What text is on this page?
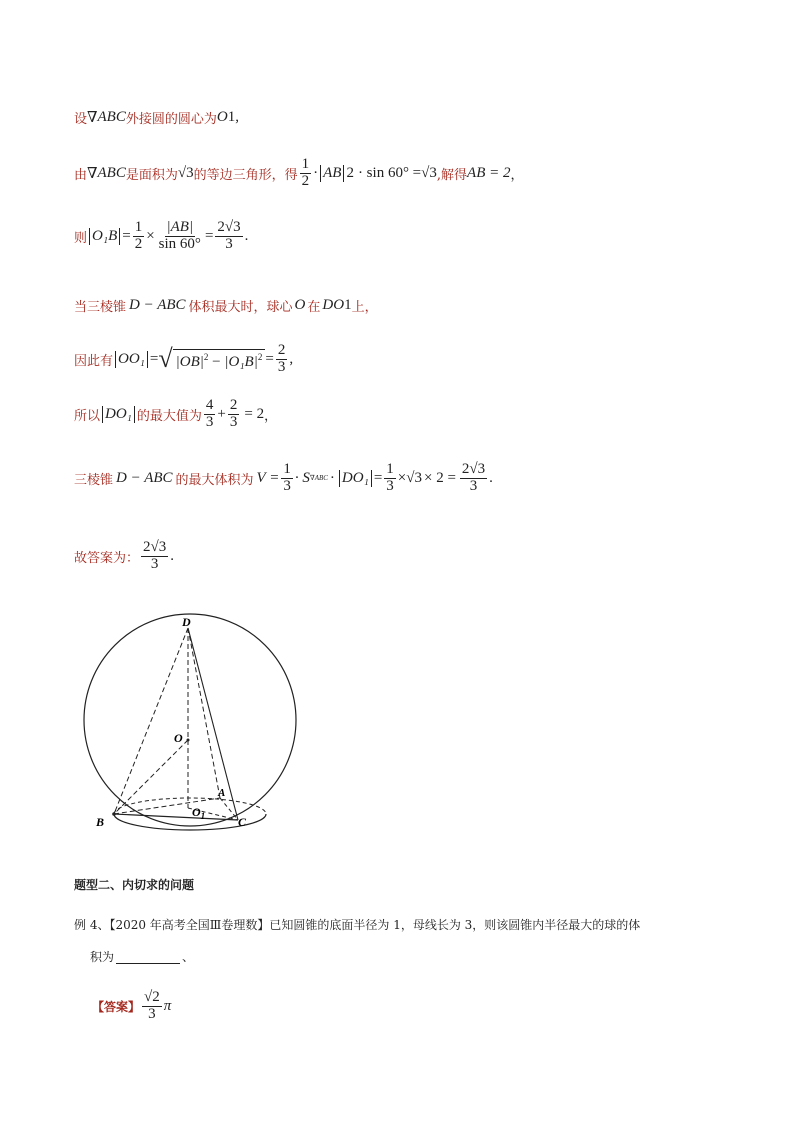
设 ∇ ABC 外接圆的圆心为 O 1 ,
由 ∇ ABC 是面积为 √3 的等边三角形，得 $\frac{1}{2}$ · AB 2 · sin 60° = √3 ,解得 AB = 2 ，
则 $O_1B = \frac{1}{2} \times \frac{|AB|}{\sin 60^\circ} = \frac{2√3}{3}$ .
当三棱锥 D − ABC 体积最大时，球心 O 在 DO 1 上，
因此有 OO₁ = √ $|OB|^2 - |O_1B|^2 = \frac{2}{3}$ ,
所以 DO₁ 的最大值为 $\frac{4}{3} + \frac{2}{3} = 2$ ，
三棱锥 D − ABC 的最大体积为 $V = \frac{1}{3} \cdot S$ $\nabla ABC \cdot DO_1 = \frac{1}{3} \times √3 \times 2 = \frac{2√3}{3}$ .
故答案为： $\frac{2√3}{3}$ .
D
O
A
$O_1$
B	C
题型二、内切求的问题
例 4、【2020 年高考全国Ⅲ卷理数】已知圆锥的底面半径为 1，母线长为 3，则该圆锥内半径最大的球的体
积为	、
【答案】 $\frac{√2}{3}$ π
